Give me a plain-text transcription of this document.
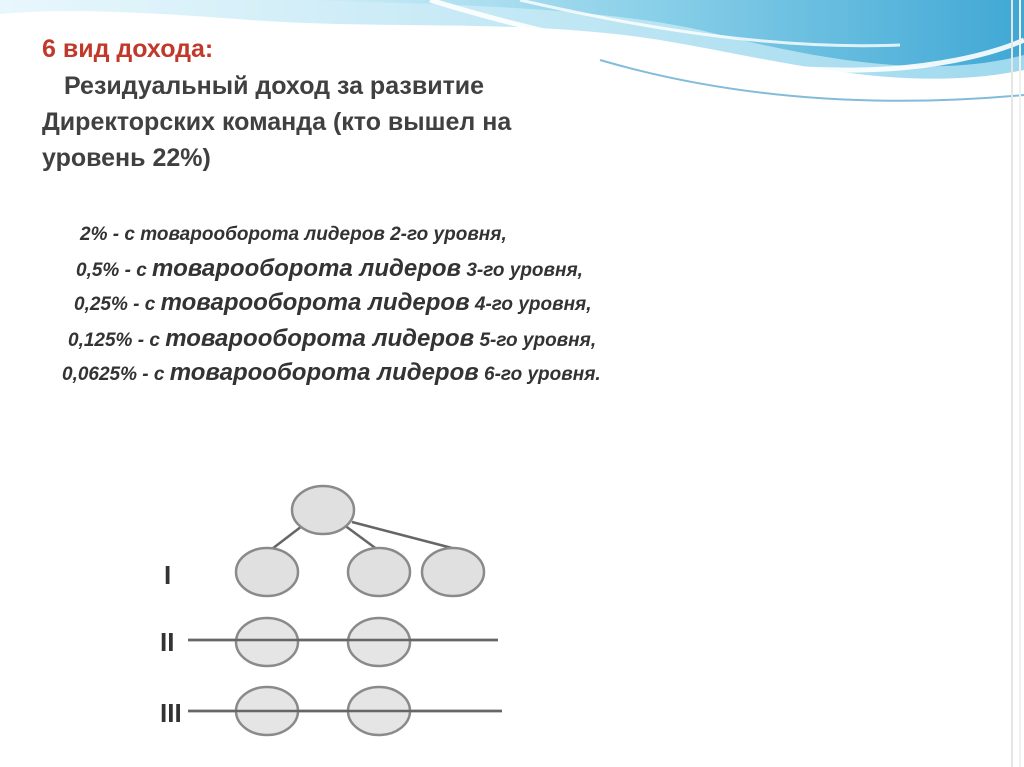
6 вид дохода:
Резидуальный доход за развитие
Директорских команда (кто вышел на
уровень 22%)
2% - с товарооборота лидеров 2-го уровня,
0,5% - с товарооборота лидеров 3-го уровня,
0,25% - с товарооборота лидеров 4-го уровня,
0,125% - с товарооборота лидеров 5-го уровня,
0,0625% - с товарооборота лидеров 6-го уровня.
I
II
III
